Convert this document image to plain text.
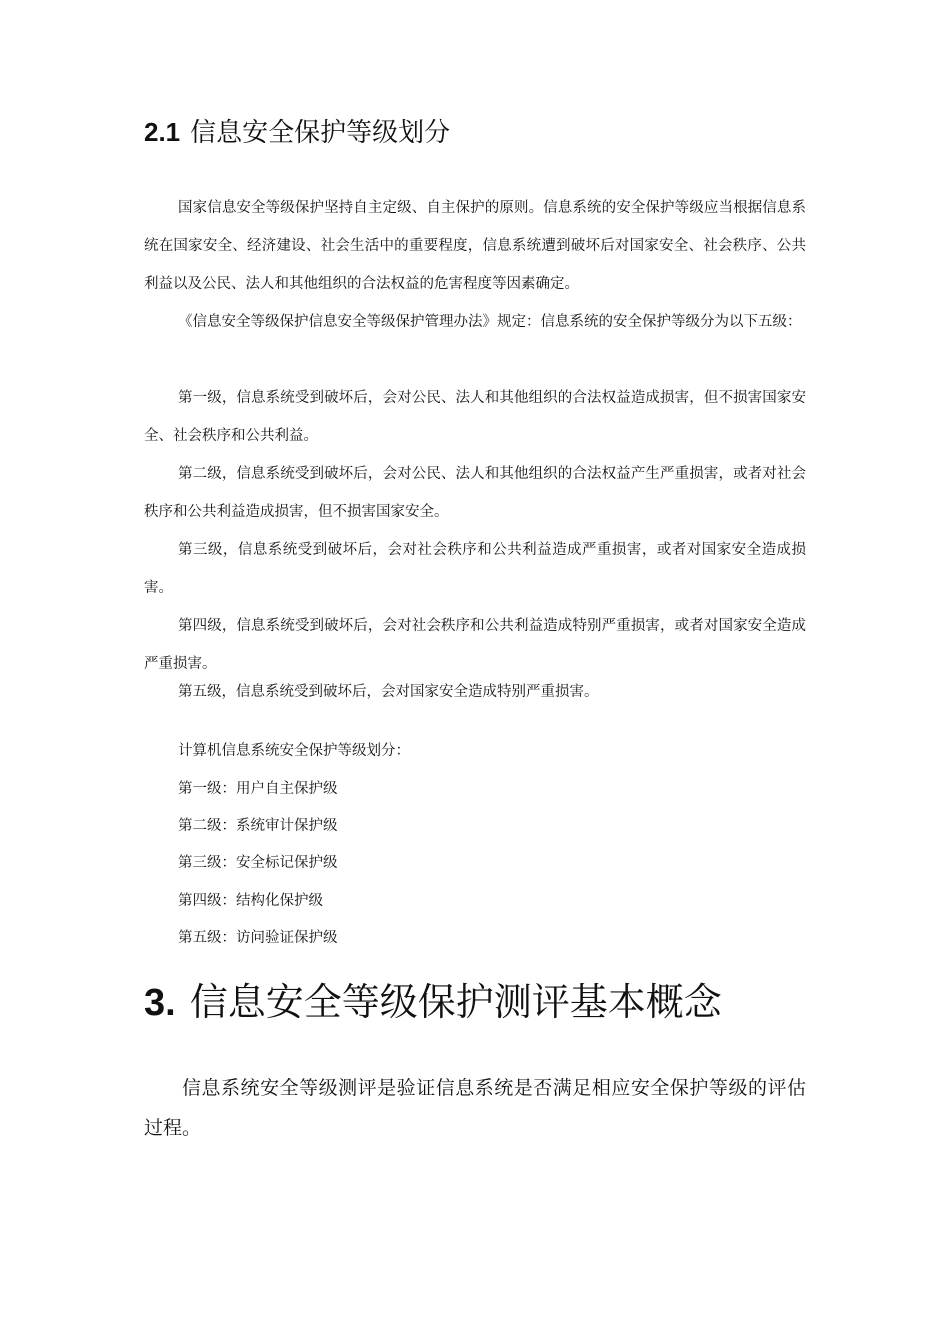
2.1 信息安全保护等级划分

国家信息安全等级保护坚持自主定级、自主保护的原则。信息系统的安全保护等级应当根据信息系统在国家安全、经济建设、社会生活中的重要程度，信息系统遭到破坏后对国家安全、社会秩序、公共利益以及公民、法人和其他组织的合法权益的危害程度等因素确定。

《信息安全等级保护信息安全等级保护管理办法》规定：信息系统的安全保护等级分为以下五级：

第一级，信息系统受到破坏后，会对公民、法人和其他组织的合法权益造成损害，但不损害国家安全、社会秩序和公共利益。

第二级，信息系统受到破坏后，会对公民、法人和其他组织的合法权益产生严重损害，或者对社会秩序和公共利益造成损害，但不损害国家安全。

第三级，信息系统受到破坏后，会对社会秩序和公共利益造成严重损害，或者对国家安全造成损害。

第四级，信息系统受到破坏后，会对社会秩序和公共利益造成特别严重损害，或者对国家安全造成严重损害。

第五级，信息系统受到破坏后，会对国家安全造成特别严重损害。

计算机信息系统安全保护等级划分：

第一级：用户自主保护级

第二级：系统审计保护级

第三级：安全标记保护级

第四级：结构化保护级

第五级：访问验证保护级

3. 信息安全等级保护测评基本概念

信息系统安全等级测评是验证信息系统是否满足相应安全保护等级的评估过程。
